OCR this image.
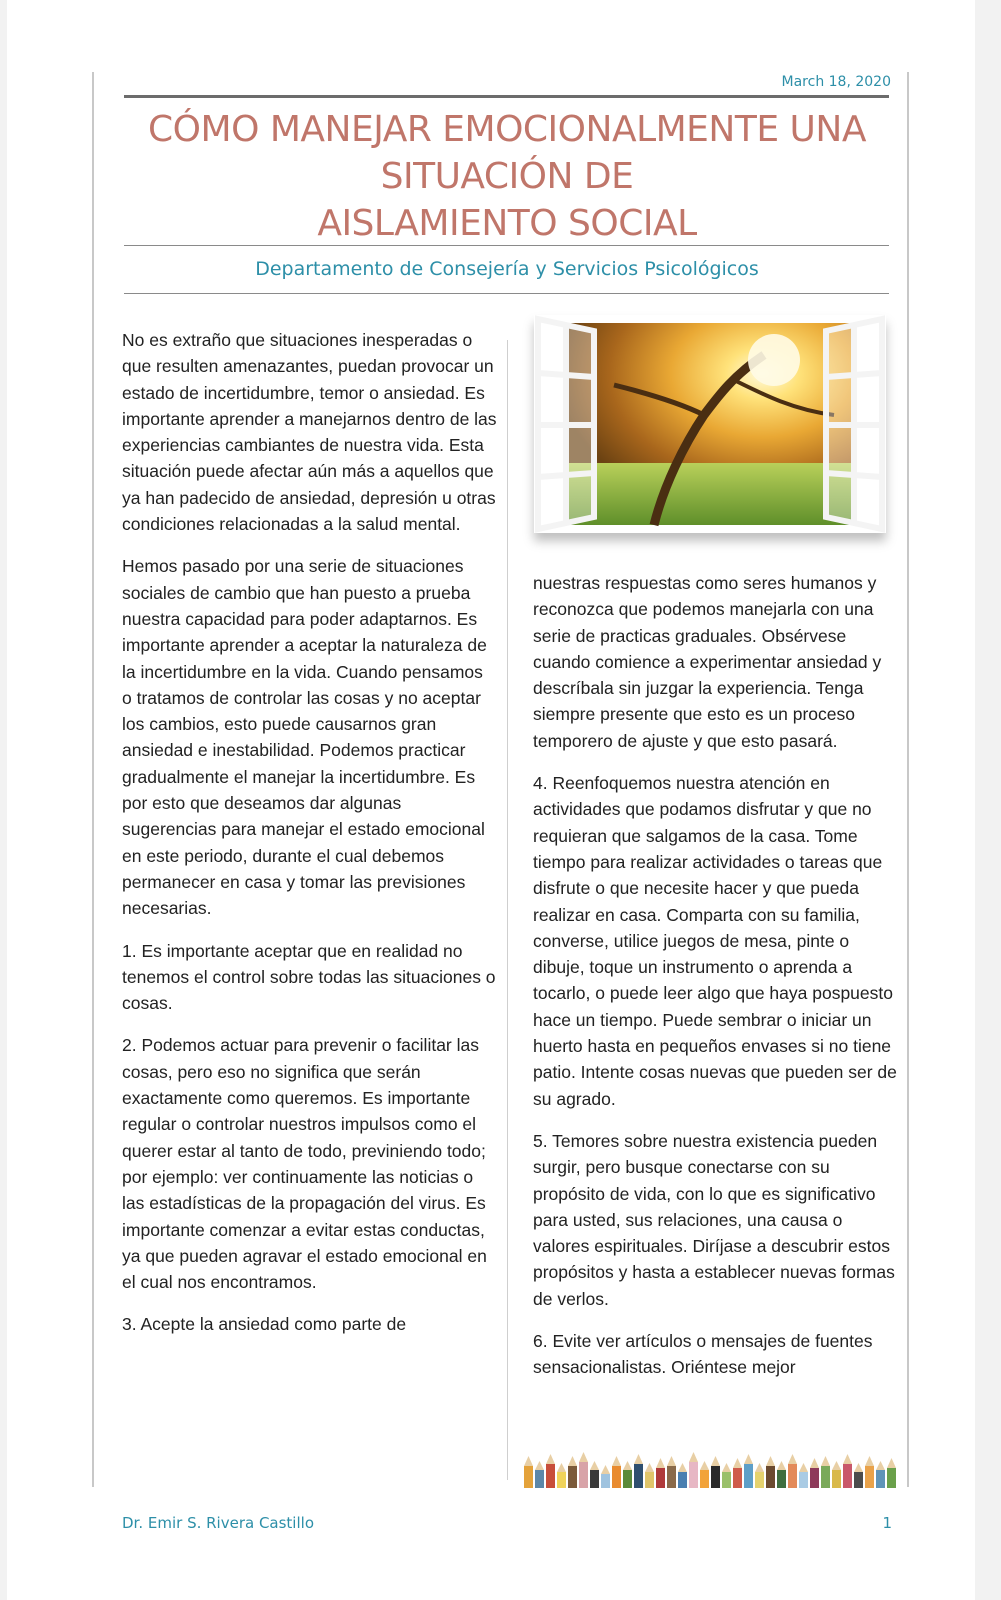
March 18, 2020
CÓMO MANEJAR EMOCIONALMENTE UNA
SITUACIÓN DE
AISLAMIENTO SOCIAL
Departamento de Consejería y Servicios Psicológicos

No es extraño que situaciones inesperadas o que resulten amenazantes, puedan provocar un estado de incertidumbre, temor o ansiedad. Es importante aprender a manejarnos dentro de las experiencias cambiantes de nuestra vida. Esta situación puede afectar aún más a aquellos que ya han padecido de ansiedad, depresión u otras condiciones relacionadas a la salud mental.

Hemos pasado por una serie de situaciones sociales de cambio que han puesto a prueba nuestra capacidad para poder adaptarnos. Es importante aprender a aceptar la naturaleza de la incertidumbre en la vida. Cuando pensamos o tratamos de controlar las cosas y no aceptar los cambios, esto puede causarnos gran ansiedad e inestabilidad. Podemos practicar gradualmente el manejar la incertidumbre. Es por esto que deseamos dar algunas sugerencias para manejar el estado emocional en este periodo, durante el cual debemos permanecer en casa y tomar las previsiones necesarias.

1. Es importante aceptar que en realidad no tenemos el control sobre todas las situaciones o cosas.

2. Podemos actuar para prevenir o facilitar las cosas, pero eso no significa que serán exactamente como queremos. Es importante regular o controlar nuestros impulsos como el querer estar al tanto de todo, previniendo todo; por ejemplo: ver continuamente las noticias o las estadísticas de la propagación del virus. Es importante comenzar a evitar estas conductas, ya que pueden agravar el estado emocional en el cual nos encontramos.

3. Acepte la ansiedad como parte de

nuestras respuestas como seres humanos y reconozca que podemos manejarla con una serie de practicas graduales. Obsérvese cuando comience a experimentar ansiedad y descríbala sin juzgar la experiencia. Tenga siempre presente que esto es un proceso temporero de ajuste y que esto pasará.

4. Reenfoquemos nuestra atención en actividades que podamos disfrutar y que no requieran que salgamos de la casa. Tome tiempo para realizar actividades o tareas que disfrute o que necesite hacer y que pueda realizar en casa. Comparta con su familia, converse, utilice juegos de mesa, pinte o dibuje, toque un instrumento o aprenda a tocarlo, o puede leer algo que haya pospuesto hace un tiempo. Puede sembrar o iniciar un huerto hasta en pequeños envases si no tiene patio. Intente cosas nuevas que pueden ser de su agrado.

5. Temores sobre nuestra existencia pueden surgir, pero busque conectarse con su propósito de vida, con lo que es significativo para usted, sus relaciones, una causa o valores espirituales. Diríjase a descubrir estos propósitos y hasta a establecer nuevas formas de verlos.

6. Evite ver artículos o mensajes de fuentes sensacionalistas. Oriéntese mejor

Dr. Emir S. Rivera Castillo	1
